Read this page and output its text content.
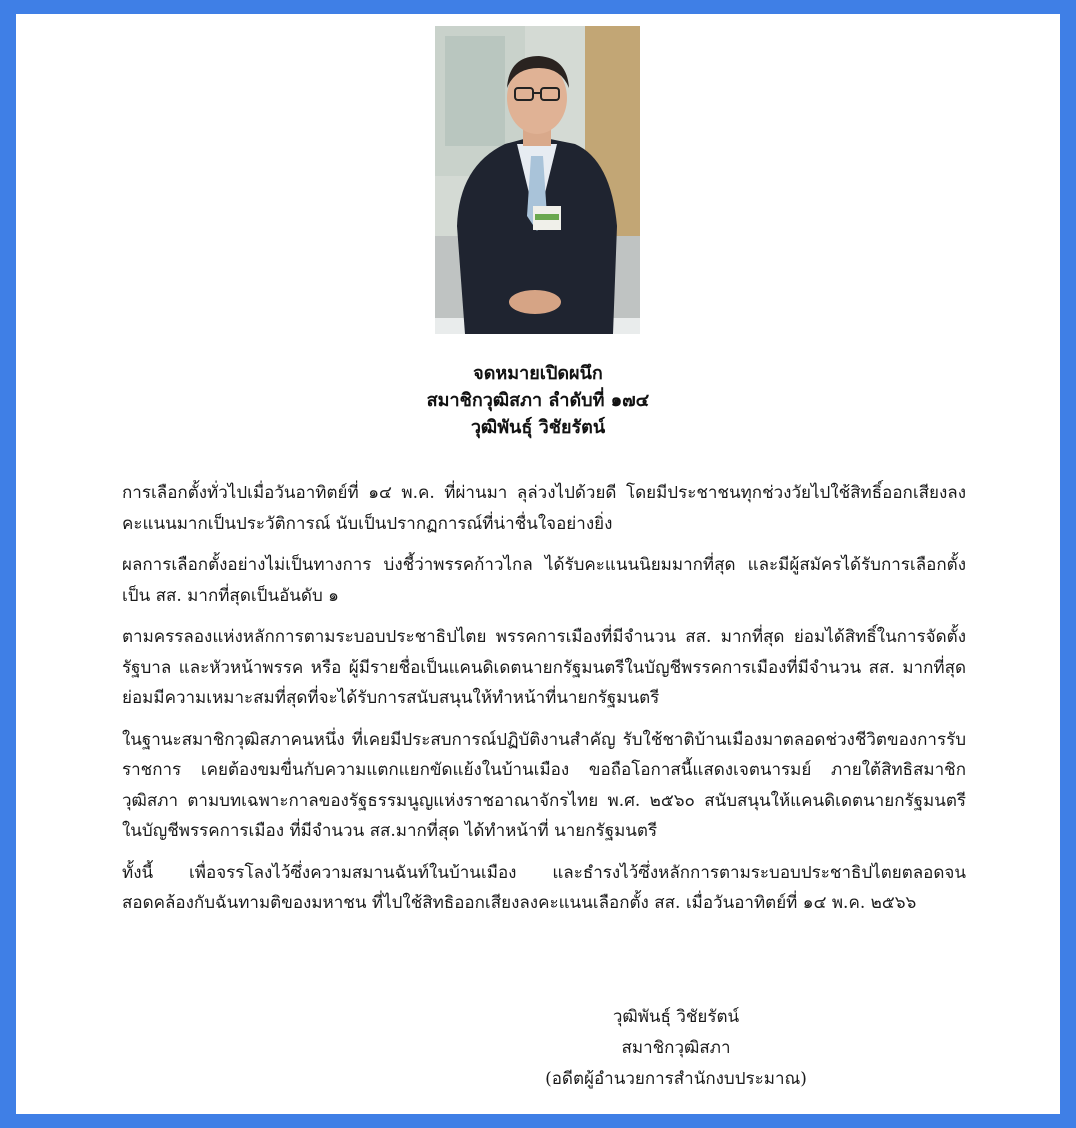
จดหมายเปิดผนึก
สมาชิกวุฒิสภา ลำดับที่ ๑๗๔
วุฒิพันธุ์ วิชัยรัตน์

การเลือกตั้งทั่วไปเมื่อวันอาทิตย์ที่ ๑๔ พ.ค. ที่ผ่านมา ลุล่วงไปด้วยดี โดยมีประชาชนทุกช่วงวัยไปใช้สิทธิ์ออกเสียงลงคะแนนมากเป็นประวัติการณ์ นับเป็นปรากฏการณ์ที่น่าชื่นใจอย่างยิ่ง

ผลการเลือกตั้งอย่างไม่เป็นทางการ บ่งชี้ว่าพรรคก้าวไกล ได้รับคะแนนนิยมมากที่สุด และมีผู้สมัครได้รับการเลือกตั้งเป็น สส. มากที่สุดเป็นอันดับ ๑

ตามครรลองแห่งหลักการตามระบอบประชาธิปไตย พรรคการเมืองที่มีจำนวน สส. มากที่สุด ย่อมได้สิทธิ์ในการจัดตั้งรัฐบาล และหัวหน้าพรรค หรือ ผู้มีรายชื่อเป็นแคนดิเดตนายกรัฐมนตรีในบัญชีพรรคการเมืองที่มีจำนวน สส. มากที่สุด ย่อมมีความเหมาะสมที่สุดที่จะได้รับการสนับสนุนให้ทำหน้าที่นายกรัฐมนตรี

ในฐานะสมาชิกวุฒิสภาคนหนึ่ง ที่เคยมีประสบการณ์ปฏิบัติงานสำคัญ รับใช้ชาติบ้านเมืองมาตลอดช่วงชีวิตของการรับราชการ เคยต้องขมขื่นกับความแตกแยกขัดแย้งในบ้านเมือง ขอถือโอกาสนี้แสดงเจตนารมย์ ภายใต้สิทธิสมาชิกวุฒิสภา ตามบทเฉพาะกาลของรัฐธรรมนูญแห่งราชอาณาจักรไทย พ.ศ. ๒๕๖๐ สนับสนุนให้แคนดิเดตนายกรัฐมนตรี ในบัญชีพรรคการเมือง ที่มีจำนวน สส.มากที่สุด ได้ทำหน้าที่ นายกรัฐมนตรี

ทั้งนี้ เพื่อจรรโลงไว้ซึ่งความสมานฉันท์ในบ้านเมือง และธำรงไว้ซึ่งหลักการตามระบอบประชาธิปไตยตลอดจนสอดคล้องกับฉันทามติของมหาชน ที่ไปใช้สิทธิออกเสียงลงคะแนนเลือกตั้ง สส. เมื่อวันอาทิตย์ที่ ๑๔ พ.ค. ๒๕๖๖

วุฒิพันธุ์ วิชัยรัตน์
สมาชิกวุฒิสภา
(อดีตผู้อำนวยการสำนักงบประมาณ)
